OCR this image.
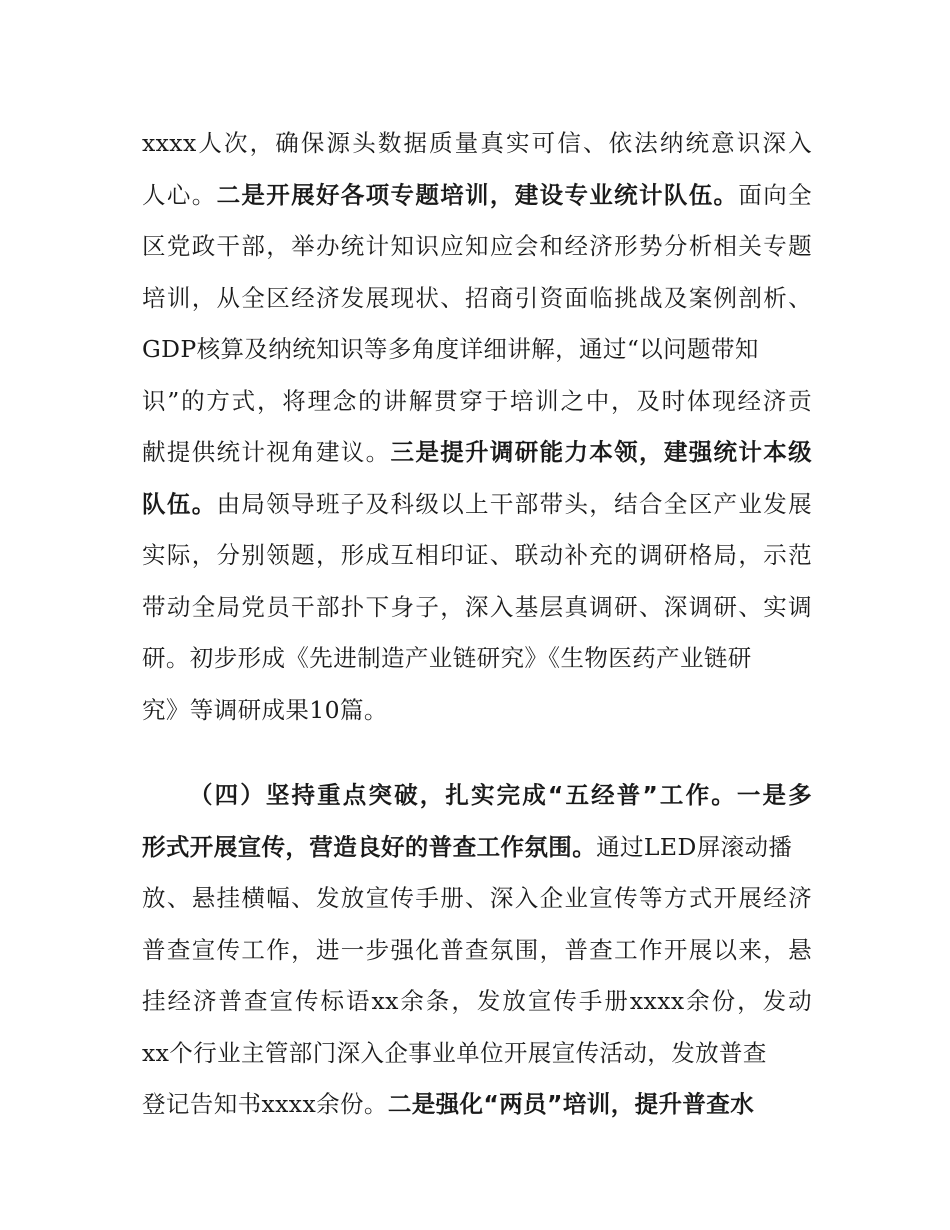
xxxx人次，确保源头数据质量真实可信、依法纳统意识深入
人心。二是开展好各项专题培训，建设专业统计队伍。面向全
区党政干部，举办统计知识应知应会和经济形势分析相关专题
培训，从全区经济发展现状、招商引资面临挑战及案例剖析、
GDP核算及纳统知识等多角度详细讲解，通过“以问题带知
识”的方式，将理念的讲解贯穿于培训之中，及时体现经济贡
献提供统计视角建议。三是提升调研能力本领，建强统计本级
队伍。由局领导班子及科级以上干部带头，结合全区产业发展
实际，分别领题，形成互相印证、联动补充的调研格局，示范
带动全局党员干部扑下身子，深入基层真调研、深调研、实调
研。初步形成《先进制造产业链研究》《生物医药产业链研
究》等调研成果10篇。
（四）坚持重点突破，扎实完成“五经普”工作。一是多
形式开展宣传，营造良好的普查工作氛围。通过LED屏滚动播
放、悬挂横幅、发放宣传手册、深入企业宣传等方式开展经济
普查宣传工作，进一步强化普查氛围，普查工作开展以来，悬
挂经济普查宣传标语xx余条，发放宣传手册xxxx余份，发动
xx个行业主管部门深入企事业单位开展宣传活动，发放普查
登记告知书xxxx余份。二是强化“两员”培训，提升普查水
